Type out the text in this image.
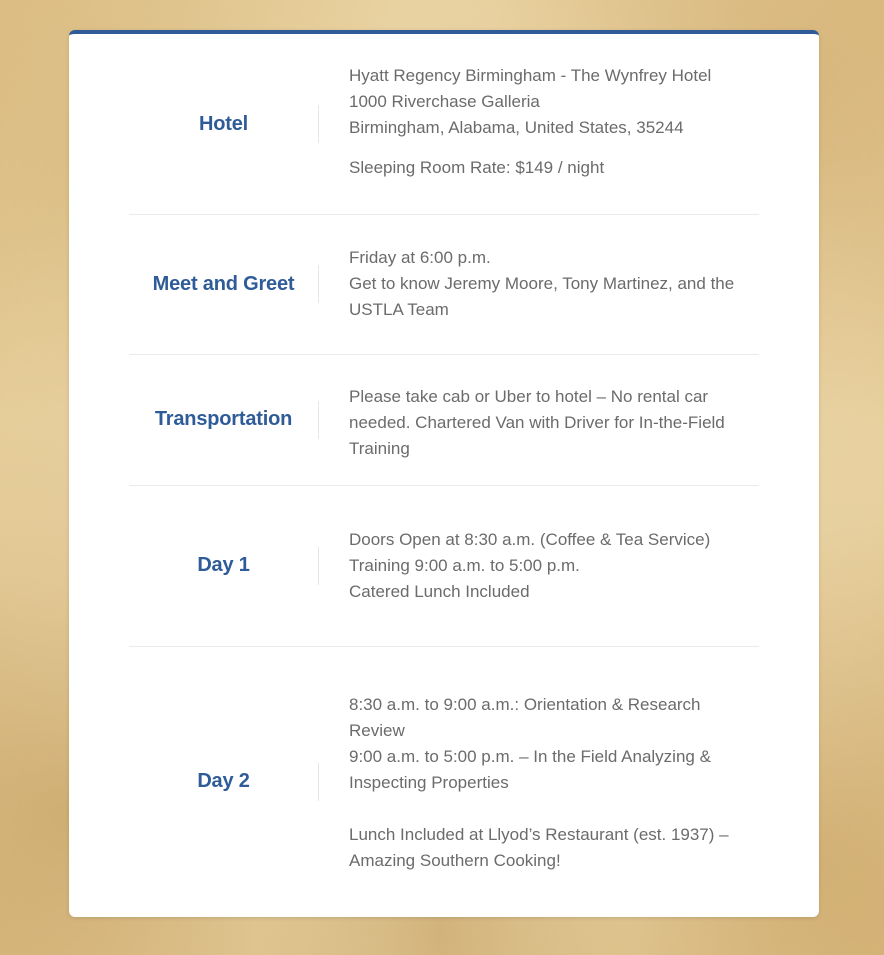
Hotel
Hyatt Regency Birmingham - The Wynfrey Hotel
1000 Riverchase Galleria
Birmingham, Alabama, United States, 35244
Sleeping Room Rate: $149 / night
Meet and Greet
Friday at 6:00 p.m.
Get to know Jeremy Moore, Tony Martinez, and the USTLA Team
Transportation
Please take cab or Uber to hotel – No rental car needed. Chartered Van with Driver for In-the-Field Training
Day 1
Doors Open at 8:30 a.m. (Coffee & Tea Service)
Training 9:00 a.m. to 5:00 p.m.
Catered Lunch Included
Day 2
8:30 a.m. to 9:00 a.m.: Orientation & Research Review
9:00 a.m. to 5:00 p.m. – In the Field Analyzing & Inspecting Properties
Lunch Included at Llyod’s Restaurant (est. 1937) – Amazing Southern Cooking!
